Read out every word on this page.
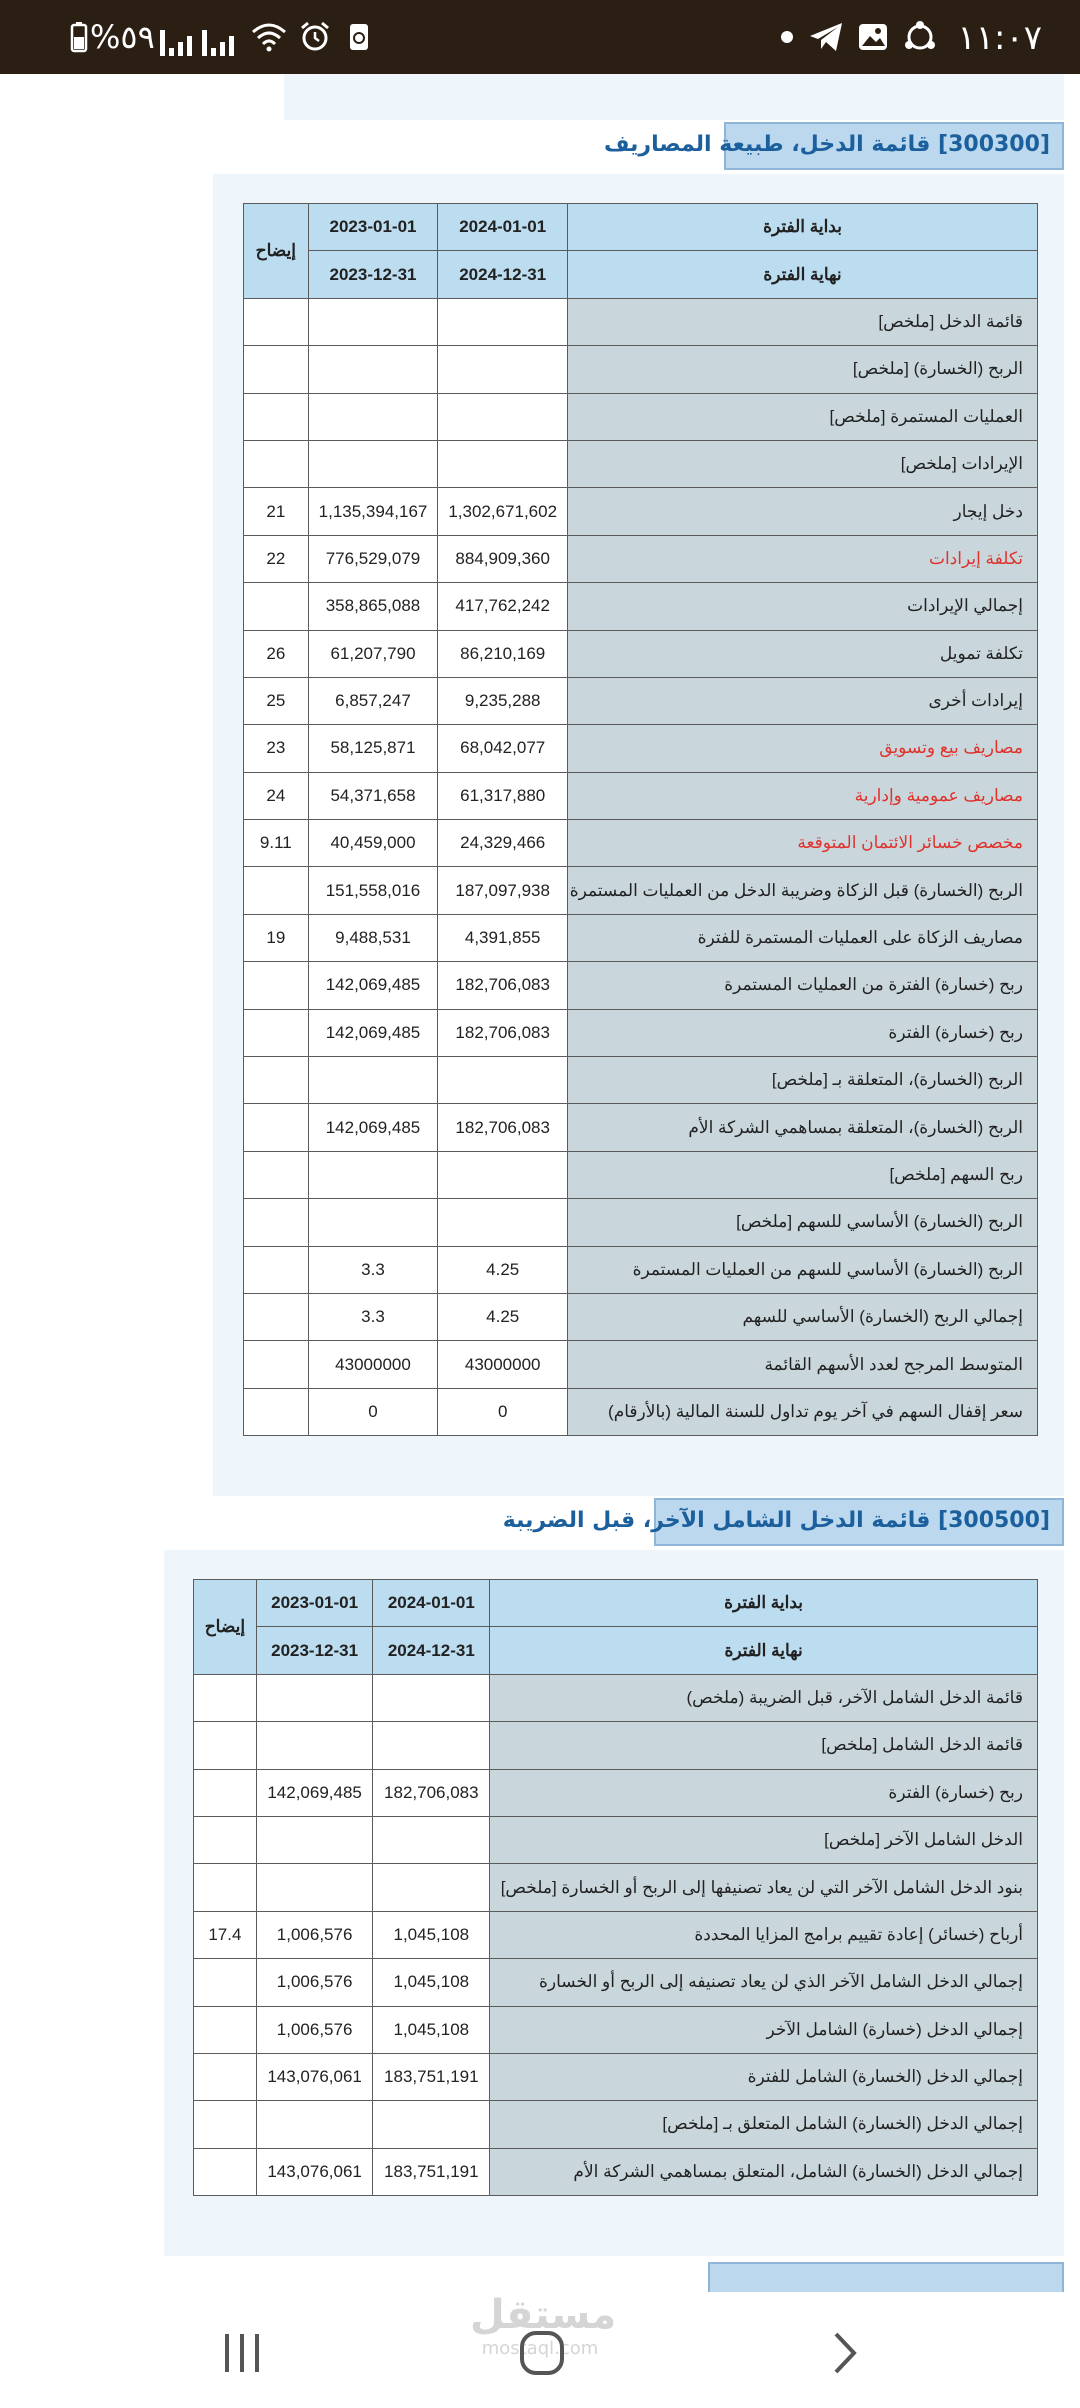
%٥٩	١١:٠٧
[300300] قائمة الدخل، طبيعة المصاريف
بداية الفترة	2024-01-01	2023-01-01	إيضاح
نهاية الفترة	2024-12-31	2023-12-31	
قائمة الدخل [ملخص]			
الربح (الخسارة) [ملخص]			
العمليات المستمرة [ملخص]			
الإيرادات [ملخص]			
دخل إيجار	1,302,671,602	1,135,394,167	21
تكلفة إيرادات	884,909,360	776,529,079	22
إجمالي الإيرادات	417,762,242	358,865,088	
تكلفة تمويل	86,210,169	61,207,790	26
إيرادات أخرى	9,235,288	6,857,247	25
مصاريف بيع وتسويق	68,042,077	58,125,871	23
مصاريف عمومية وإدارية	61,317,880	54,371,658	24
مخصص خسائر الائتمان المتوقعة	24,329,466	40,459,000	9.11
الربح (الخسارة) قبل الزكاة وضريبة الدخل من العمليات المستمرة	187,097,938	151,558,016	
مصاريف الزكاة على العمليات المستمرة للفترة	4,391,855	9,488,531	19
ربح (خسارة) الفترة من العمليات المستمرة	182,706,083	142,069,485	
ربح (خسارة) الفترة	182,706,083	142,069,485	
الربح (الخسارة)، المتعلقة بـ [ملخص]			
الربح (الخسارة)، المتعلقة بمساهمي الشركة الأم	182,706,083	142,069,485	
ربح السهم [ملخص]			
الربح (الخسارة) الأساسي للسهم [ملخص]			
الربح (الخسارة) الأساسي للسهم من العمليات المستمرة	4.25	3.3	
إجمالي الربح (الخسارة) الأساسي للسهم	4.25	3.3	
المتوسط المرجح لعدد الأسهم القائمة	43000000	43000000	
سعر إقفال السهم في آخر يوم تداول للسنة المالية (بالأرقام)	0	0	
[300500] قائمة الدخل الشامل الآخر، قبل الضريبة
بداية الفترة	2024-01-01	2023-01-01	إيضاح
نهاية الفترة	2024-12-31	2023-12-31	
قائمة الدخل الشامل الآخر، قبل الضريبة (ملخص)			
قائمة الدخل الشامل [ملخص]			
ربح (خسارة) الفترة	182,706,083	142,069,485	
الدخل الشامل الآخر [ملخص]			
بنود الدخل الشامل الآخر التي لن يعاد تصنيفها إلى الربح أو الخسارة [ملخص]			
أرباح (خسائر) إعادة تقييم برامج المزايا المحددة	1,045,108	1,006,576	17.4
إجمالي الدخل الشامل الآخر الذي لن يعاد تصنيفه إلى الربح أو الخسارة	1,045,108	1,006,576	
إجمالي الدخل (خسارة) الشامل الآخر	1,045,108	1,006,576	
إجمالي الدخل (الخسارة) الشامل للفترة	183,751,191	143,076,061	
إجمالي الدخل (الخسارة) الشامل المتعلق بـ [ملخص]			
إجمالي الدخل (الخسارة) الشامل، المتعلق بمساهمي الشركة الأم	183,751,191	143,076,061	
مستقل
mostaql.com
